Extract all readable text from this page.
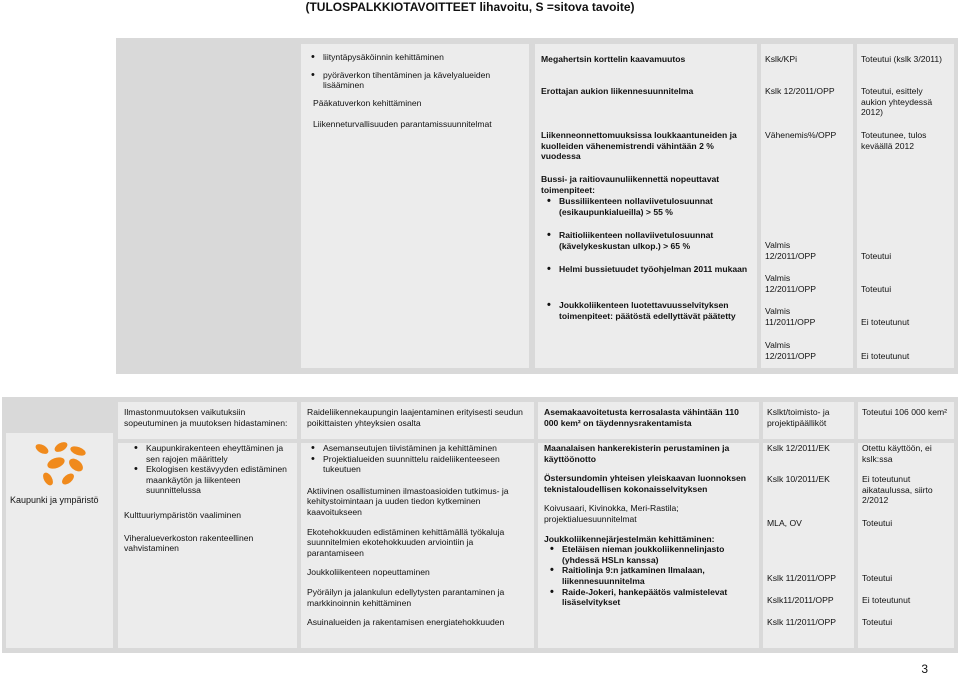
(TULOSPALKKIOTAVOITTEET lihavoitu, S =sitova tavoite)
• liityntäpysäköinnin kehittäminen
• pyöräverkon tihentäminen ja kävelyalueiden lisääminen
Pääkatuverkon kehittäminen
Liikenneturvallisuuden parantamissuunnitelmat
Megahertsin korttelin kaavamuutos
Erottajan aukion liikennesuunnitelma
Liikenneonnettomuuksissa loukkaantuneiden ja kuolleiden vähenemistrendi vähintään 2 % vuodessa
Bussi- ja raitiovaunuliikennettä nopeuttavat toimenpiteet:
• Bussiliikenteen nollaviivetulosuunnat (esikaupunkialueilla) > 55 %
• Raitioliikenteen nollaviivetulosuunnat (kävelykeskustan ulkop.) > 65 %
• Helmi bussietuudet työohjelman 2011 mukaan
• Joukkoliikenteen luotettavuusselvityksen toimenpiteet: päätöstä edellyttävät päätetty
Kslk/KPi
Kslk 12/2011/OPP
Vähenemis%/OPP
Valmis 12/2011/OPP
Valmis 12/2011/OPP
Valmis 11/2011/OPP
Valmis 12/2011/OPP
Toteutui (kslk 3/2011)
Toteutui, esittely aukion yhteydessä 2012)
Toteutunee, tulos keväällä 2012
Toteutui
Toteutui
Ei toteutunut
Ei toteutunut
Kaupunki ja ympäristö
Ilmastonmuutoksen vaikutuksiin sopeutuminen ja muutoksen hidastaminen:
Raideliikennekaupungin laajentaminen erityisesti seudun poikittaisten yhteyksien osalta
Asemakaavoitetusta kerrosalasta vähintään 110 000 kem² on täydennysrakentamista
Kslkt/toimisto- ja projektipäälliköt
Toteutui 106 000 kem²
• Kaupunkirakenteen eheyttäminen ja sen rajojen määrittely
• Ekologisen kestävyyden edistäminen maankäytön ja liikenteen suunnittelussa

Kulttuuriympäristön vaaliminen

Viheralueverkoston rakenteellinen vahvistaminen

• Asemanseutujen tiivistäminen ja kehittäminen
• Projektialueiden suunnittelu raideliikenteeseen tukeutuen

Aktiivinen osallistuminen ilmastoasioiden tutkimus- ja kehitystoimintaan ja uuden tiedon kytkeminen kaavoitukseen

Ekotehokkuuden edistäminen kehittämällä työkaluja suunnitelmien ekotehokkuuden arviointiin ja parantamiseen

Joukkoliikenteen nopeuttaminen

Pyöräilyn ja jalankulun edellytysten parantaminen ja markkinoinnin kehittäminen

Asuinalueiden ja rakentamisen energiatehokkuuden

Maanalaisen hankerekisterin perustaminen ja käyttöönotto

Östersundomin yhteisen yleiskaavan luonnoksen teknistaloudellisen kokonaisselvityksen

Koivusaari, Kivinokka, Meri-Rastila; projektialuesuunnitelmat

Joukkoliikennejärjestelmän kehittäminen:

• Eteläisen nieman joukkoliikennelinjasto (yhdessä HSLn kanssa)
• Raitiolinja 9:n jatkaminen Ilmalaan, liikennesuunnitelma
• Raide-Jokeri, hankepäätös valmistelevat lisäselvitykset
Kslk 12/2011/EK
Kslk 10/2011/EK
MLA, OV
Kslk 11/2011/OPP
Kslk11/2011/OPP
Kslk 11/2011/OPP
Otettu käyttöön, ei kslk:ssa
Ei toteutunut aikataulussa, siirto 2/2012
Toteutui
Toteutui
Ei toteutunut
Toteutui
3
